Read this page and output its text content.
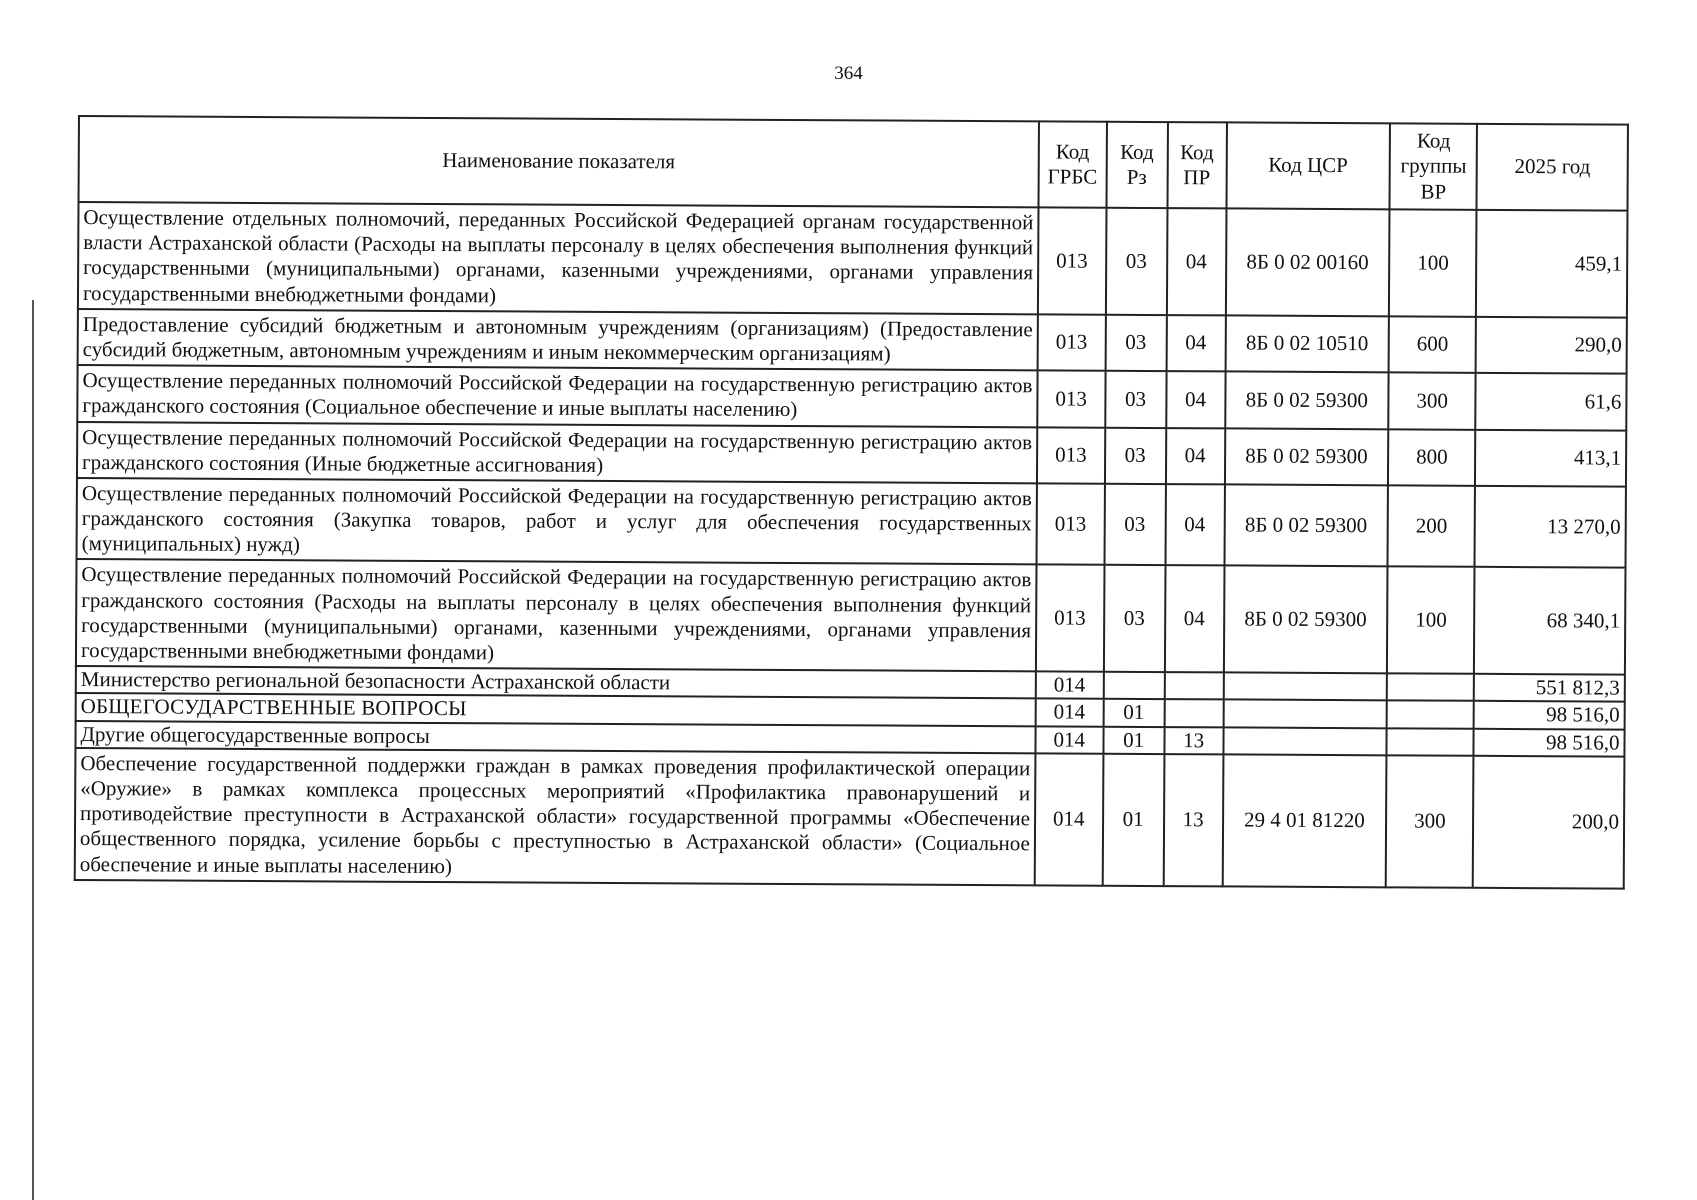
364
Наименование показателя	Код ГРБС	Код Рз	Код ПР	Код ЦСР	Код группы ВР	2025 год
Осуществление отдельных полномочий, переданных Российской Федерацией органам государственной власти Астраханской области (Расходы на выплаты персоналу в целях обеспечения выполнения функций государственными (муниципальными) органами, казенными учреждениями, органами управления государственными внебюджетными фондами)	013	03	04	8Б 0 02 00160	100	459,1
Предоставление субсидий бюджетным и автономным учреждениям (организациям) (Предоставление субсидий бюджетным, автономным учреждениям и иным некоммерческим организациям)	013	03	04	8Б 0 02 10510	600	290,0
Осуществление переданных полномочий Российской Федерации на государственную регистрацию актов гражданского состояния (Социальное обеспечение и иные выплаты населению)	013	03	04	8Б 0 02 59300	300	61,6
Осуществление переданных полномочий Российской Федерации на государственную регистрацию актов гражданского состояния (Иные бюджетные ассигнования)	013	03	04	8Б 0 02 59300	800	413,1
Осуществление переданных полномочий Российской Федерации на государственную регистрацию актов гражданского состояния (Закупка товаров, работ и услуг для обеспечения государственных (муниципальных) нужд)	013	03	04	8Б 0 02 59300	200	13 270,0
Осуществление переданных полномочий Российской Федерации на государственную регистрацию актов гражданского состояния (Расходы на выплаты персоналу в целях обеспечения выполнения функций государственными (муниципальными) органами, казенными учреждениями, органами управления государственными внебюджетными фондами)	013	03	04	8Б 0 02 59300	100	68 340,1
Министерство региональной безопасности Астраханской области	014					551 812,3
ОБЩЕГОСУДАРСТВЕННЫЕ ВОПРОСЫ	014	01				98 516,0
Другие общегосударственные вопросы	014	01	13			98 516,0
Обеспечение государственной поддержки граждан в рамках проведения профилактической операции «Оружие» в рамках комплекса процессных мероприятий «Профилактика правонарушений и противодействие преступности в Астраханской области» государственной программы «Обеспечение общественного порядка, усиление борьбы с преступностью в Астраханской области» (Социальное обеспечение и иные выплаты населению)	014	01	13	29 4 01 81220	300	200,0
